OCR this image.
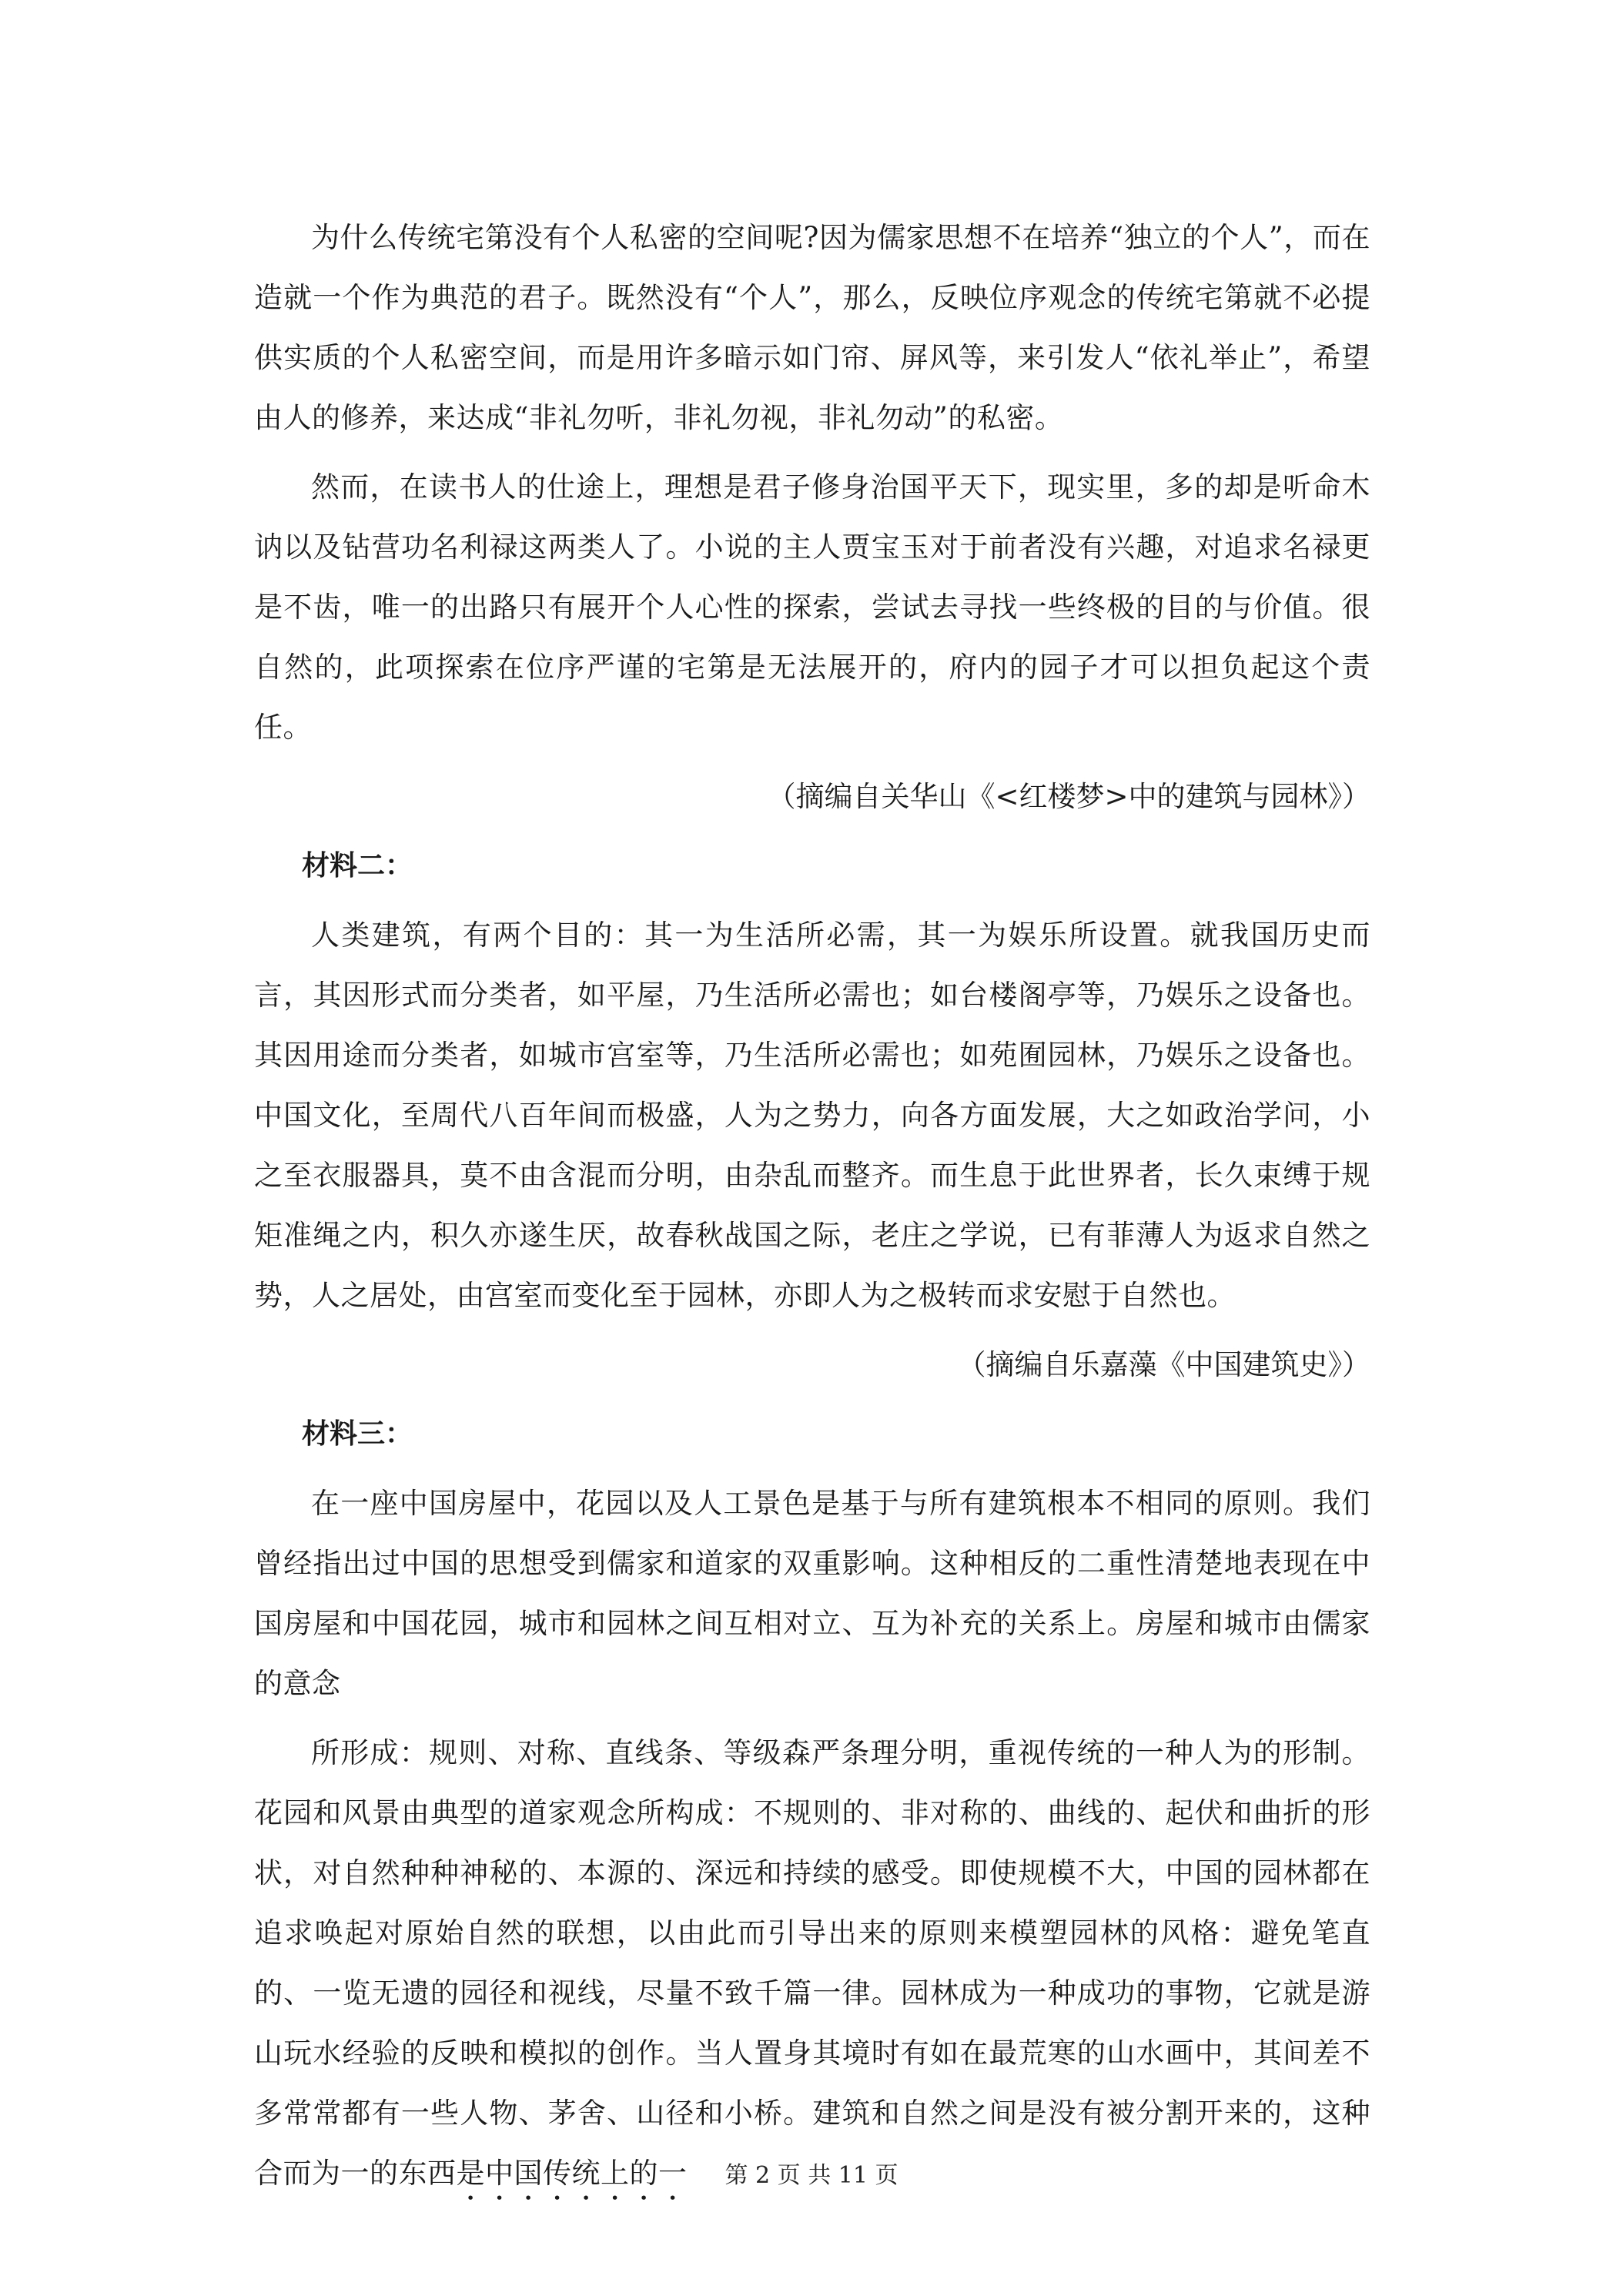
为什么传统宅第没有个人私密的空间呢?因为儒家思想不在培养“独立的个人”，而在造就一个作为典范的君子。既然没有“个人”，那么，反映位序观念的传统宅第就不必提供实质的个人私密空间，而是用许多暗示如门帘、屏风等，来引发人“依礼举止”，希望由人的修养，来达成“非礼勿听，非礼勿视，非礼勿动”的私密。

然而，在读书人的仕途上，理想是君子修身治国平天下，现实里，多的却是听命木讷以及钻营功名利禄这两类人了。小说的主人贾宝玉对于前者没有兴趣，对追求名禄更是不齿，唯一的出路只有展开个人心性的探索，尝试去寻找一些终极的目的与价值。很自然的，此项探索在位序严谨的宅第是无法展开的，府内的园子才可以担负起这个责任。

（摘编自关华山《<红楼梦>中的建筑与园林》）
材料二：

人类建筑，有两个目的：其一为生活所必需，其一为娱乐所设置。就我国历史而言，其因形式而分类者，如平屋，乃生活所必需也；如台楼阁亭等，乃娱乐之设备也。其因用途而分类者，如城市宫室等，乃生活所必需也；如苑囿园林，乃娱乐之设备也。中国文化，至周代八百年间而极盛，人为之势力，向各方面发展，大之如政治学问，小之至衣服器具，莫不由含混而分明，由杂乱而整齐。而生息于此世界者，长久束缚于规矩准绳之内，积久亦遂生厌，故春秋战国之际，老庄之学说，已有菲薄人为返求自然之势，人之居处，由宫室而变化至于园林，亦即人为之极转而求安慰于自然也。

（摘编自乐嘉藻《中国建筑史》）
材料三：

在一座中国房屋中，花园以及人工景色是基于与所有建筑根本不相同的原则。我们曾经指出过中国的思想受到儒家和道家的双重影响。这种相反的二重性清楚地表现在中国房屋和中国花园，城市和园林之间互相对立、互为补充的关系上。房屋和城市由儒家的意念

所形成：规则、对称、直线条、等级森严条理分明，重视传统的一种人为的形制。花园和风景由典型的道家观念所构成：不规则的、非对称的、曲线的、起伏和曲折的形状，对自然种种神秘的、本源的、深远和持续的感受。即使规模不大，中国的园林都在追求唤起对原始自然的联想，以由此而引导出来的原则来模塑园林的风格：避免笔直的、一览无遗的园径和视线，尽量不致千篇一律。园林成为一种成功的事物，它就是游山玩水经验的反映和模拟的创作。当人置身其境时有如在最荒寒的山水画中，其间差不多常常都有一些人物、茅舍、山径和小桥。建筑和自然之间是没有被分割开来的，这种合而为一的东西是中国传统上的一	第 2 页 共 11 页
